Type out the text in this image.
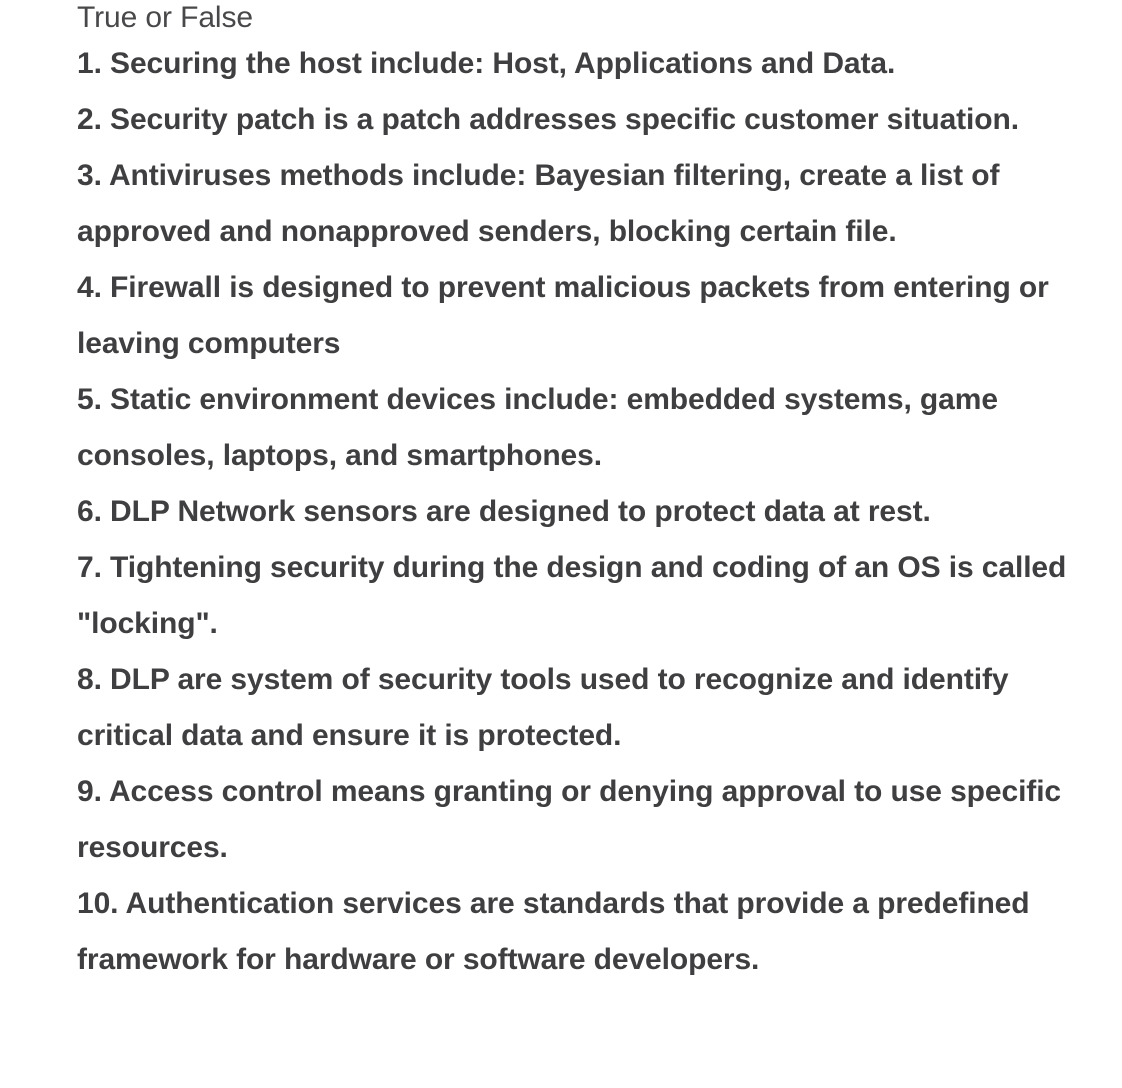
True or False
1. Securing the host include: Host, Applications and Data.
2. Security patch is a patch addresses specific customer situation.
3. Antiviruses methods include: Bayesian filtering, create a list of approved and nonapproved senders, blocking certain file.
4. Firewall is designed to prevent malicious packets from entering or leaving computers
5. Static environment devices include: embedded systems, game consoles, laptops, and smartphones.
6. DLP Network sensors are designed to protect data at rest.
7. Tightening security during the design and coding of an OS is called "locking".
8. DLP are system of security tools used to recognize and identify critical data and ensure it is protected.
9. Access control means granting or denying approval to use specific resources.
10. Authentication services are standards that provide a predefined framework for hardware or software developers.
